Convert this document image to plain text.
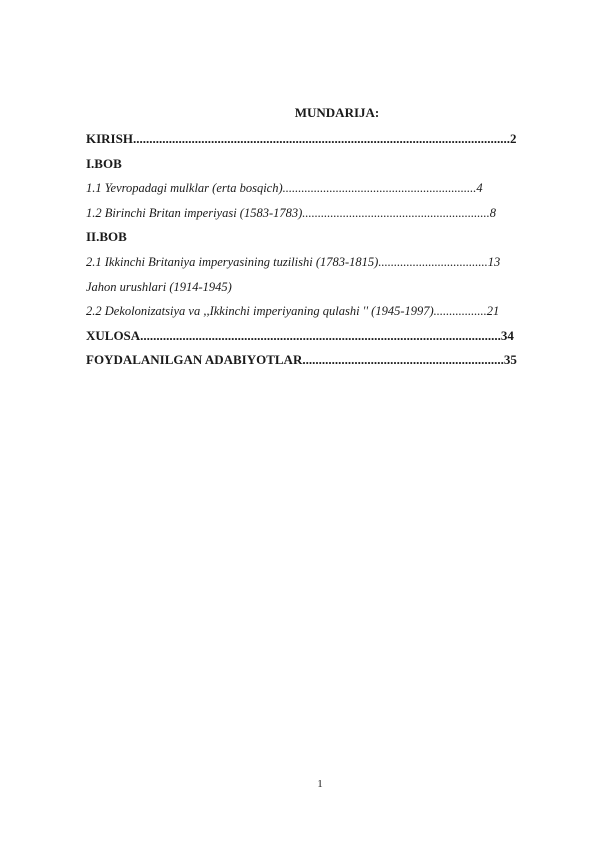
MUNDARIJA:
KIRISH....................................................................................................................2
I.BOB
1.1 Yevropadagi mulklar (erta bosqich)..............................................................4
1.2 Birinchi Britan imperiyasi (1583-1783)............................................................8
II.BOB
2.1 Ikkinchi Britaniya imperyasining tuzilishi (1783-1815)...................................13
Jahon urushlari (1914-1945)
2.2 Dekolonizatsiya va ,,Ikkinchi imperiyaning qulashi '' (1945-1997).................21
XULOSA...............................................................................................................34
FOYDALANILGAN ADABIYOTLAR..............................................................35
1
